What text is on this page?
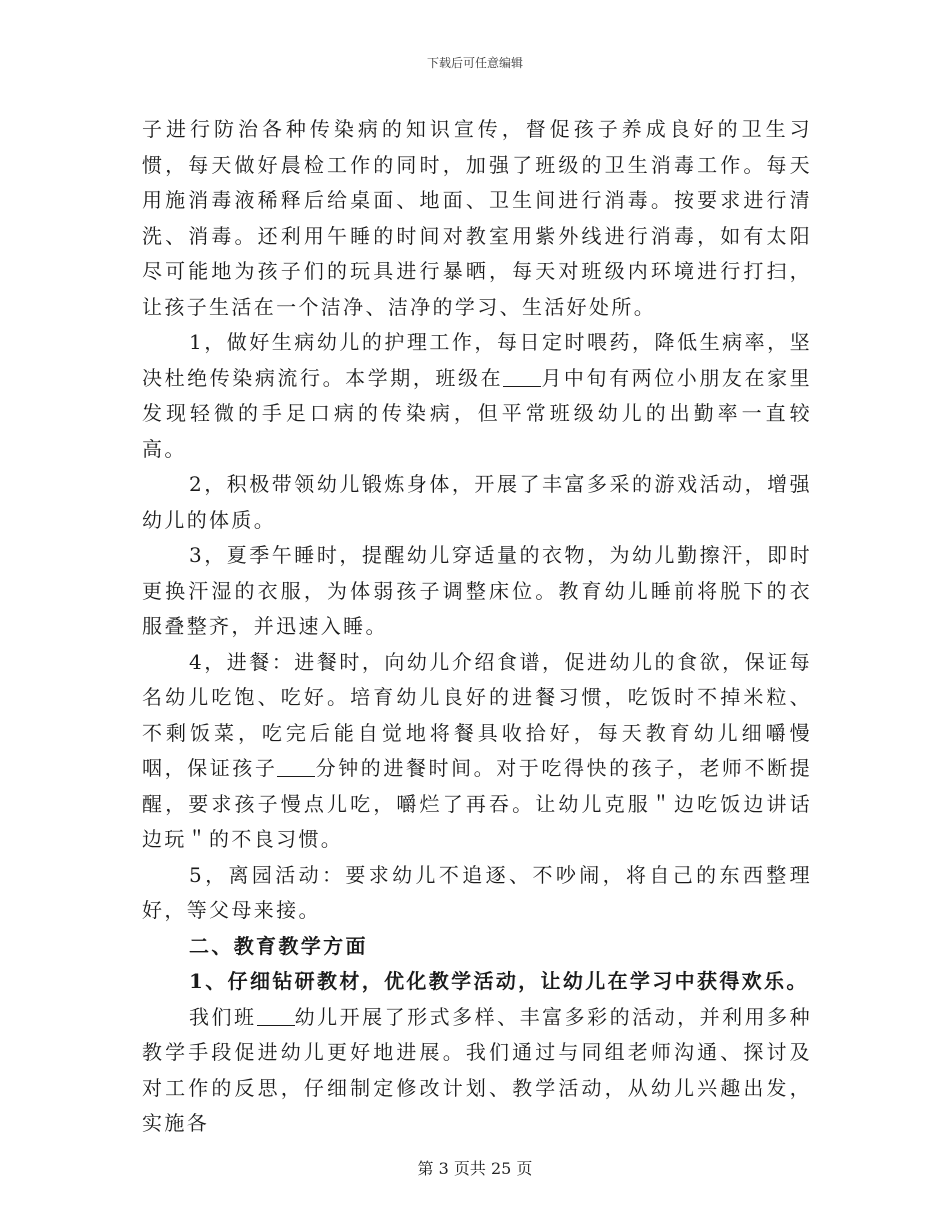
下载后可任意编辑

子进行防治各种传染病的知识宣传，督促孩子养成良好的卫生习惯，每天做好晨检工作的同时，加强了班级的卫生消毒工作。每天用施消毒液稀释后给桌面、地面、卫生间进行消毒。按要求进行清洗、消毒。还利用午睡的时间对教室用紫外线进行消毒，如有太阳尽可能地为孩子们的玩具进行暴晒，每天对班级内环境进行打扫，让孩子生活在一个洁净、洁净的学习、生活好处所。

1，做好生病幼儿的护理工作，每日定时喂药，降低生病率，坚决杜绝传染病流行。本学期，班级在 月中旬有两位小朋友在家里发现轻微的手足口病的传染病，但平常班级幼儿的出勤率一直较高。

2，积极带领幼儿锻炼身体，开展了丰富多采的游戏活动，增强幼儿的体质。

3，夏季午睡时，提醒幼儿穿适量的衣物，为幼儿勤擦汗，即时更换汗湿的衣服，为体弱孩子调整床位。教育幼儿睡前将脱下的衣服叠整齐，并迅速入睡。

4，进餐：进餐时，向幼儿介绍食谱，促进幼儿的食欲，保证每名幼儿吃饱、吃好。培育幼儿良好的进餐习惯，吃饭时不掉米粒、不剩饭菜，吃完后能自觉地将餐具收拾好，每天教育幼儿细嚼慢咽，保证孩子 分钟的进餐时间。对于吃得快的孩子，老师不断提醒，要求孩子慢点儿吃，嚼烂了再吞。让幼儿克服＂边吃饭边讲话边玩＂的不良习惯。

5，离园活动：要求幼儿不追逐、不吵闹，将自己的东西整理好，等父母来接。

二、教育教学方面

1、仔细钻研教材，优化教学活动，让幼儿在学习中获得欢乐。

我们班 幼儿开展了形式多样、丰富多彩的活动，并利用多种教学手段促进幼儿更好地进展。我们通过与同组老师沟通、探讨及对工作的反思，仔细制定修改计划、教学活动，从幼儿兴趣出发，实施各

第 3 页共 25 页
